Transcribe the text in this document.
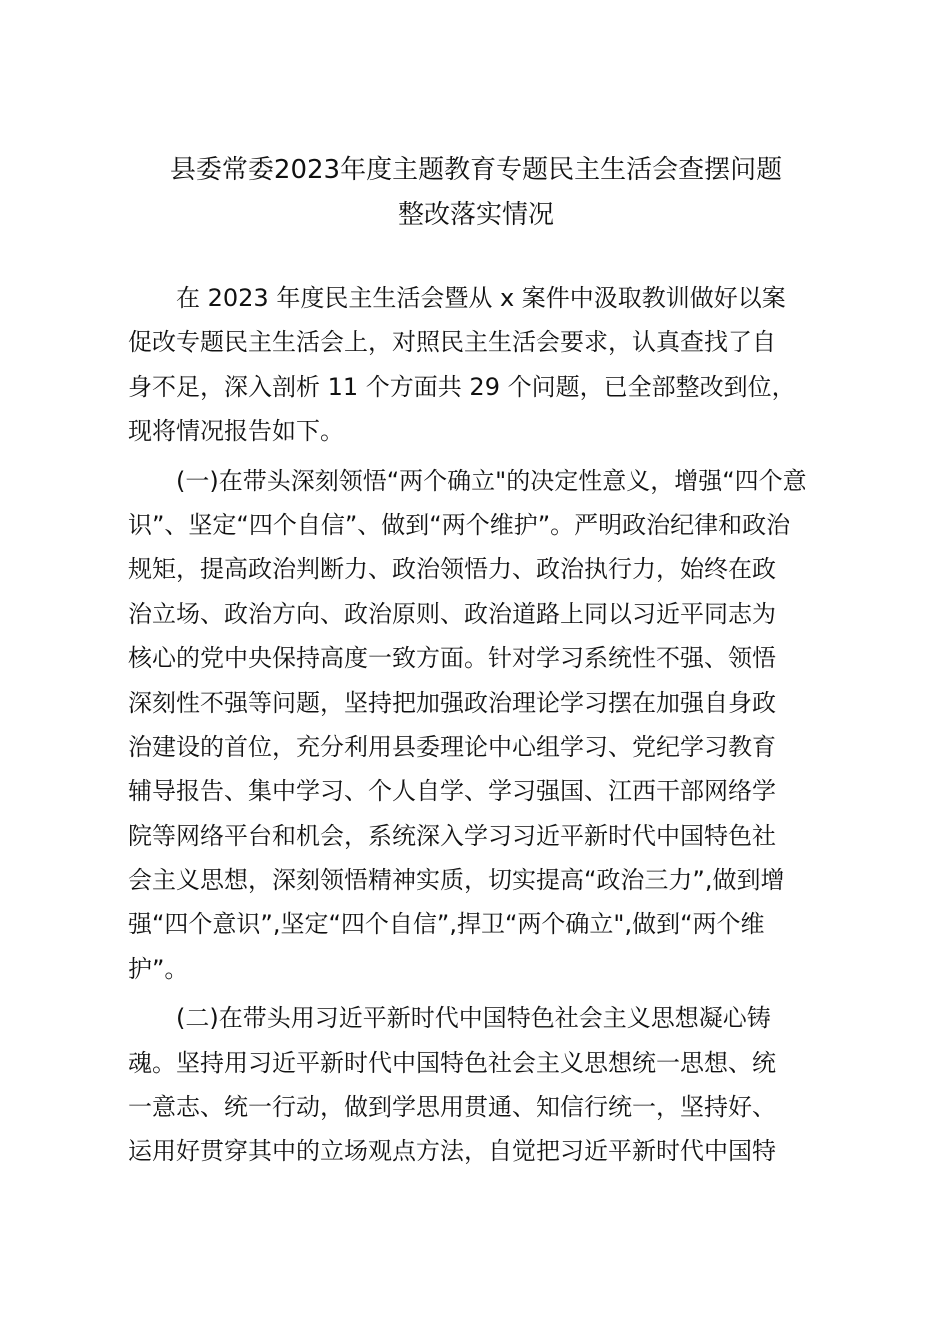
县委常委2023年度主题教育专题民主生活会查摆问题
整改落实情况
　　在 2023 年度民主生活会暨从 x 案件中汲取教训做好以案
促改专题民主生活会上，对照民主生活会要求，认真查找了自
身不足，深入剖析 11 个方面共 29 个问题，已全部整改到位，
现将情况报告如下。
　　(一)在带头深刻领悟“两个确立"的决定性意义，增强“四个意
识”、坚定“四个自信”、做到“两个维护”。严明政治纪律和政治
规矩，提高政治判断力、政治领悟力、政治执行力，始终在政
治立场、政治方向、政治原则、政治道路上同以习近平同志为
核心的党中央保持高度一致方面。针对学习系统性不强、领悟
深刻性不强等问题，坚持把加强政治理论学习摆在加强自身政
治建设的首位，充分利用县委理论中心组学习、党纪学习教育
辅导报告、集中学习、个人自学、学习强国、江西干部网络学
院等网络平台和机会，系统深入学习习近平新时代中国特色社
会主义思想，深刻领悟精神实质，切实提高“政治三力”,做到增
强“四个意识”,坚定“四个自信”,捍卫“两个确立",做到“两个维
护”。
　　(二)在带头用习近平新时代中国特色社会主义思想凝心铸
魂。坚持用习近平新时代中国特色社会主义思想统一思想、统
一意志、统一行动，做到学思用贯通、知信行统一，坚持好、
运用好贯穿其中的立场观点方法，自觉把习近平新时代中国特
